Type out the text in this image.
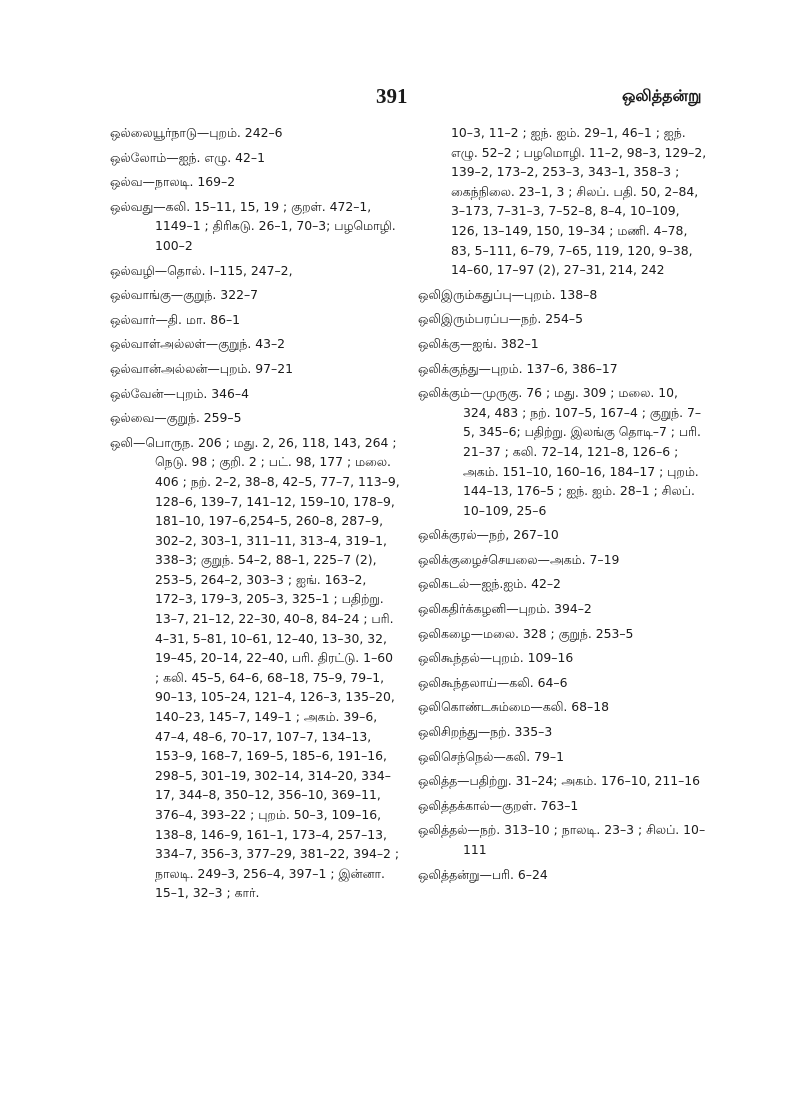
391	ஒலித்தன்று
ஒல்லையூர்நாடு—புறம். 242–6
ஒல்லோம்—ஐந். எழு. 42–1
ஒல்வ—நாலடி. 169–2
ஒல்வது—கலி. 15–11, 15, 19 ; குறள். 472–1, 1149–1 ; திரிகடு. 26–1, 70–3; பழமொழி. 100–2
ஒல்வழி—தொல். I–115, 247–2,
ஒல்வாங்கு—குறுந். 322–7
ஒல்வார்—தி. மா. 86–1
ஒல்வாள்அல்லள்—குறுந். 43–2
ஒல்வான்அல்லன்—புறம். 97–21
ஒல்வேன்—புறம். 346–4
ஒல்வை—குறுந். 259–5
ஒலி—பொருந. 206 ; மது. 2, 26, 118, 143, 264 ; நெடு. 98 ; குறி. 2 ; பட். 98, 177 ; மலை. 406 ; நற். 2–2, 38–8, 42–5, 77–7, 113–9, 128–6, 139–7, 141–12, 159–10, 178–9, 181–10, 197–6,254–5, 260–8, 287–9, 302–2, 303–1, 311–11, 313–4, 319–1, 338–3; குறுந். 54–2, 88–1, 225–7 (2), 253–5, 264–2, 303–3 ; ஐங். 163–2, 172–3, 179–3, 205–3, 325–1 ; பதிற்று. 13–7, 21–12, 22–30, 40–8, 84–24 ; பரி. 4–31, 5–81, 10–61, 12–40, 13–30, 32, 19–45, 20–14, 22–40, பரி. திரட்டு. 1–60 ; கலி. 45–5, 64–6, 68–18, 75–9, 79–1, 90–13, 105–24, 121–4, 126–3, 135–20, 140–23, 145–7, 149–1 ; அகம். 39–6, 47–4, 48–6, 70–17, 107–7, 134–13, 153–9, 168–7, 169–5, 185–6, 191–16, 298–5, 301–19, 302–14, 314–20, 334–17, 344–8, 350–12, 356–10, 369–11, 376–4, 393–22 ; புறம். 50–3, 109–16, 138–8, 146–9, 161–1, 173–4, 257–13, 334–7, 356–3, 377–29, 381–22, 394–2 ; நாலடி. 249–3, 256–4, 397–1 ; இன்னா. 15–1, 32–3 ; கார்.
10–3, 11–2 ; ஐந். ஐம். 29–1, 46–1 ; ஐந். எழு. 52–2 ; பழமொழி. 11–2, 98–3, 129–2, 139–2, 173–2, 253–3, 343–1, 358–3 ; கைந்நிலை. 23–1, 3 ; சிலப். பதி. 50, 2–84, 3–173, 7–31–3, 7–52–8, 8–4, 10–109, 126, 13–149, 150, 19–34 ; மணி. 4–78, 83, 5–111, 6–79, 7–65, 119, 120, 9–38, 14–60, 17–97 (2), 27–31, 214, 242
ஒலிஇரும்கதுப்பு—புறம். 138–8
ஒலிஇரும்பரப்ப—நற். 254–5
ஒலிக்கு—ஐங். 382–1
ஒலிக்குந்து—புறம். 137–6, 386–17
ஒலிக்கும்—முருகு. 76 ; மது. 309 ; மலை. 10, 324, 483 ; நற். 107–5, 167–4 ; குறுந். 7–5, 345–6; பதிற்று. இலங்கு தொடி–7 ; பரி. 21–37 ; கலி. 72–14, 121–8, 126–6 ; அகம். 151–10, 160–16, 184–17 ; புறம். 144–13, 176–5 ; ஐந். ஐம். 28–1 ; சிலப். 10–109, 25–6
ஒலிக்குரல்—நற், 267–10
ஒலிக்குழைச்செயலை—அகம். 7–19
ஒலிகடல்—ஐந்.ஐம். 42–2
ஒலிகதிர்க்கழனி—புறம். 394–2
ஒலிகழை—மலை. 328 ; குறுந். 253–5
ஒலிகூந்தல்—புறம். 109–16
ஒலிகூந்தலாய்—கலி. 64–6
ஒலிகொண்டசும்மை—கலி. 68–18
ஒலிசிறந்து—நற். 335–3
ஒலிசெந்நெல்—கலி. 79–1
ஒலித்த—பதிற்று. 31–24; அகம். 176–10, 211–16
ஒலித்தக்கால்—குறள். 763–1
ஒலித்தல்—நற். 313–10 ; நாலடி. 23–3 ; சிலப். 10–111
ஒலித்தன்று—பரி. 6–24
